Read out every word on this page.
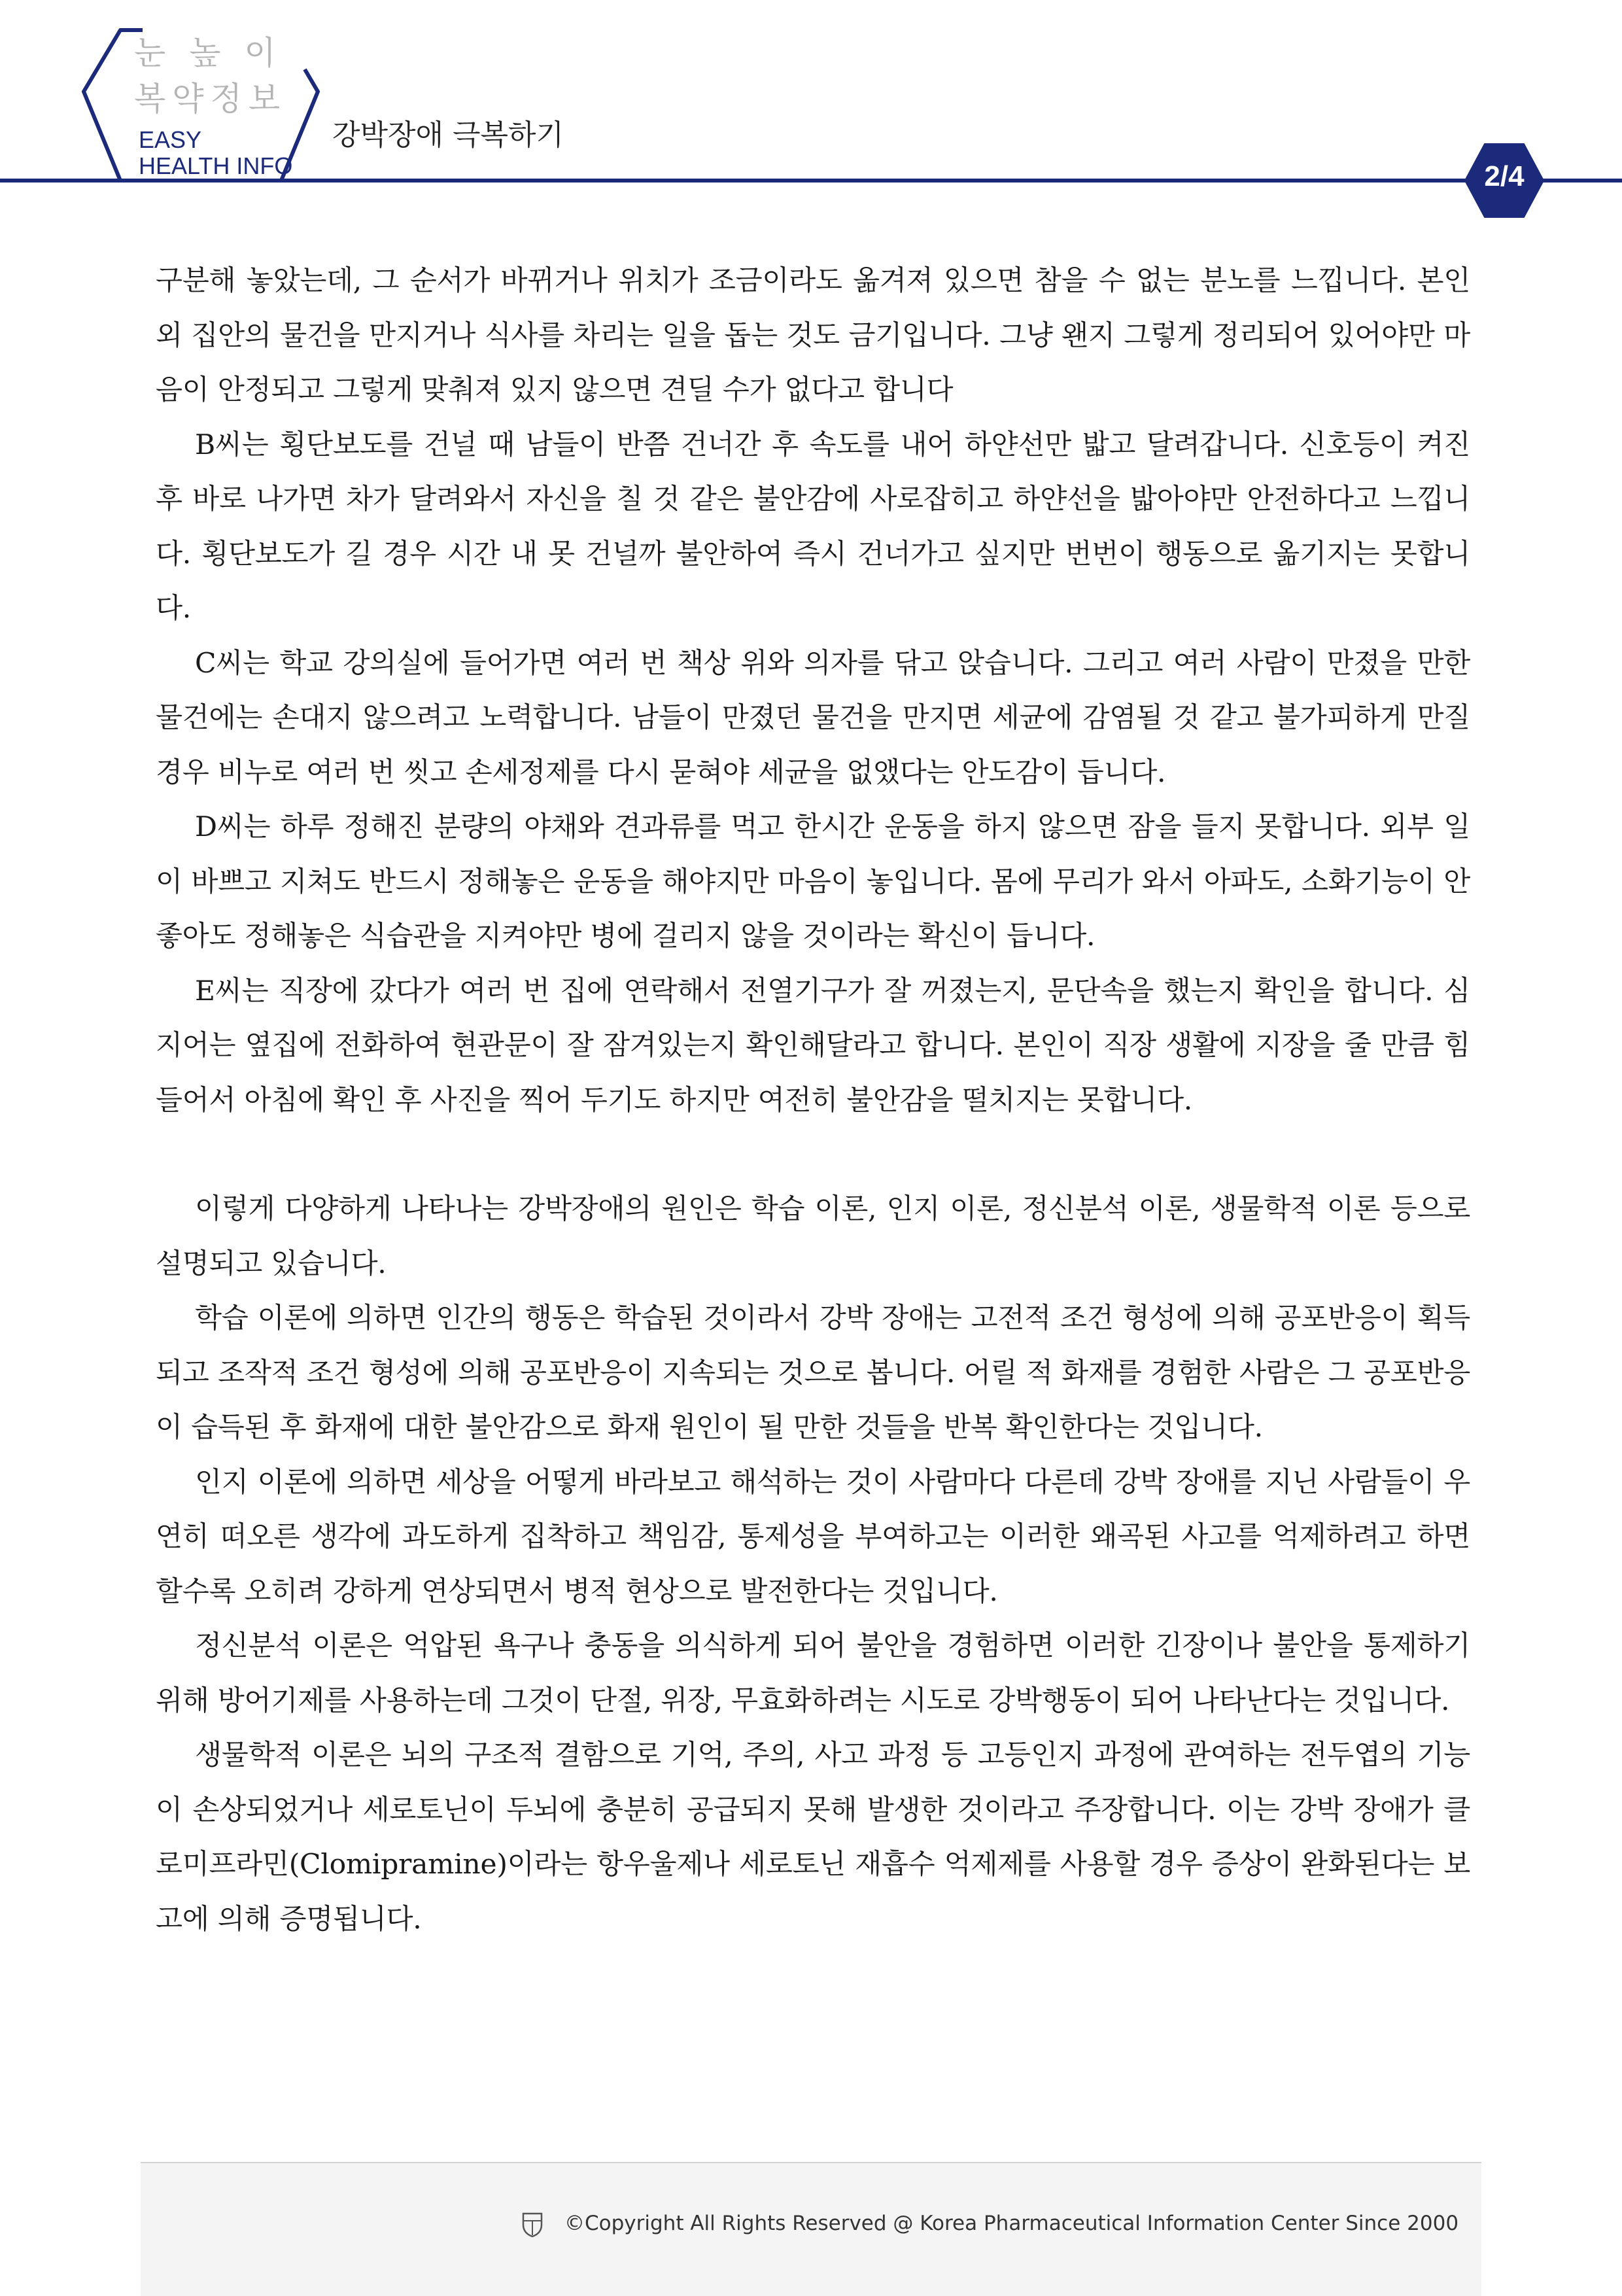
눈 높 이
복약정보
EASY
HEALTH INFO
강박장애 극복하기
2/4

구분해 놓았는데, 그 순서가 바뀌거나 위치가 조금이라도 옮겨져 있으면 참을 수 없는 분노를 느낍니다. 본인 외 집안의 물건을 만지거나 식사를 차리는 일을 돕는 것도 금기입니다. 그냥 왠지 그렇게 정리되어 있어야만 마음이 안정되고 그렇게 맞춰져 있지 않으면 견딜 수가 없다고 합니다

B씨는 횡단보도를 건널 때 남들이 반쯤 건너간 후 속도를 내어 하얀선만 밟고 달려갑니다. 신호등이 켜진 후 바로 나가면 차가 달려와서 자신을 칠 것 같은 불안감에 사로잡히고 하얀선을 밟아야만 안전하다고 느낍니다. 횡단보도가 길 경우 시간 내 못 건널까 불안하여 즉시 건너가고 싶지만 번번이 행동으로 옮기지는 못합니다.

C씨는 학교 강의실에 들어가면 여러 번 책상 위와 의자를 닦고 앉습니다. 그리고 여러 사람이 만졌을 만한 물건에는 손대지 않으려고 노력합니다. 남들이 만졌던 물건을 만지면 세균에 감염될 것 같고 불가피하게 만질 경우 비누로 여러 번 씻고 손세정제를 다시 묻혀야 세균을 없앴다는 안도감이 듭니다.

D씨는 하루 정해진 분량의 야채와 견과류를 먹고 한시간 운동을 하지 않으면 잠을 들지 못합니다. 외부 일이 바쁘고 지쳐도 반드시 정해놓은 운동을 해야지만 마음이 놓입니다. 몸에 무리가 와서 아파도, 소화기능이 안 좋아도 정해놓은 식습관을 지켜야만 병에 걸리지 않을 것이라는 확신이 듭니다.

E씨는 직장에 갔다가 여러 번 집에 연락해서 전열기구가 잘 꺼졌는지, 문단속을 했는지 확인을 합니다. 심지어는 옆집에 전화하여 현관문이 잘 잠겨있는지 확인해달라고 합니다. 본인이 직장 생활에 지장을 줄 만큼 힘들어서 아침에 확인 후 사진을 찍어 두기도 하지만 여전히 불안감을 떨치지는 못합니다.

이렇게 다양하게 나타나는 강박장애의 원인은 학습 이론, 인지 이론, 정신분석 이론, 생물학적 이론 등으로 설명되고 있습니다.

학습 이론에 의하면 인간의 행동은 학습된 것이라서 강박 장애는 고전적 조건 형성에 의해 공포반응이 획득되고 조작적 조건 형성에 의해 공포반응이 지속되는 것으로 봅니다. 어릴 적 화재를 경험한 사람은 그 공포반응이 습득된 후 화재에 대한 불안감으로 화재 원인이 될 만한 것들을 반복 확인한다는 것입니다.

인지 이론에 의하면 세상을 어떻게 바라보고 해석하는 것이 사람마다 다른데 강박 장애를 지닌 사람들이 우연히 떠오른 생각에 과도하게 집착하고 책임감, 통제성을 부여하고는 이러한 왜곡된 사고를 억제하려고 하면 할수록 오히려 강하게 연상되면서 병적 현상으로 발전한다는 것입니다.

정신분석 이론은 억압된 욕구나 충동을 의식하게 되어 불안을 경험하면 이러한 긴장이나 불안을 통제하기 위해 방어기제를 사용하는데 그것이 단절, 위장, 무효화하려는 시도로 강박행동이 되어 나타난다는 것입니다.

생물학적 이론은 뇌의 구조적 결함으로 기억, 주의, 사고 과정 등 고등인지 과정에 관여하는 전두엽의 기능이 손상되었거나 세로토닌이 두뇌에 충분히 공급되지 못해 발생한 것이라고 주장합니다. 이는 강박 장애가 클로미프라민(Clomipramine)이라는 항우울제나 세로토닌 재흡수 억제제를 사용할 경우 증상이 완화된다는 보고에 의해 증명됩니다.

©Copyright All Rights Reserved @ Korea Pharmaceutical Information Center Since 2000
